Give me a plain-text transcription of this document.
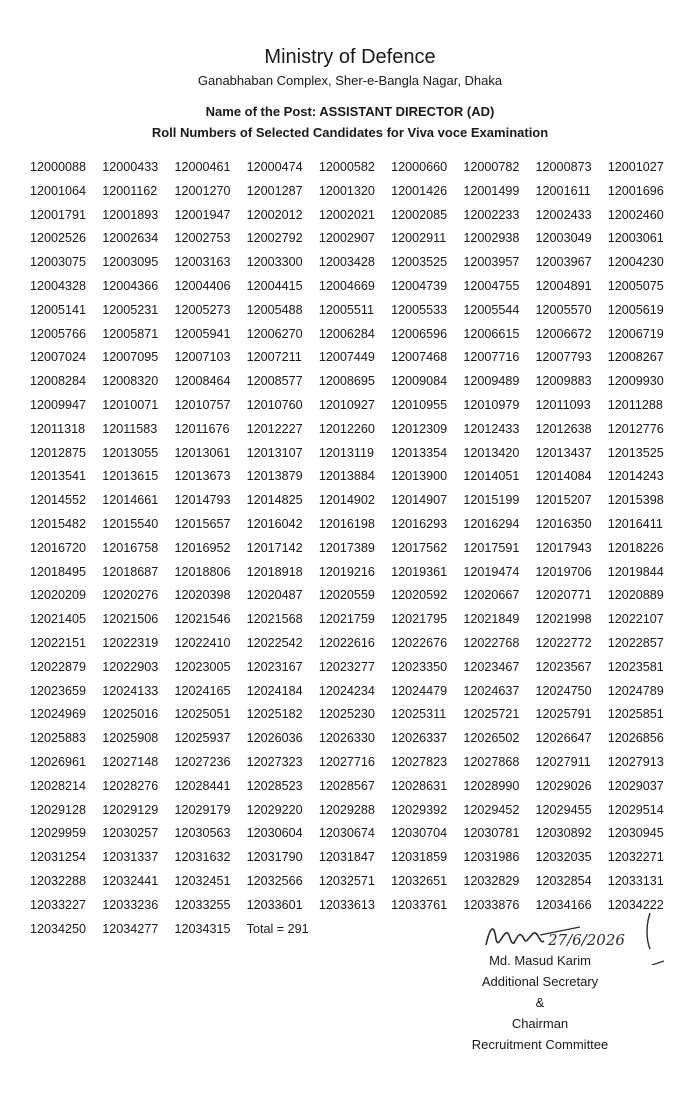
Ministry of Defence

Ganabhaban Complex, Sher-e-Bangla Nagar, Dhaka

Name of the Post: ASSISTANT DIRECTOR (AD)

Roll Numbers of Selected Candidates for Viva voce Examination

12000088	12000433	12000461	12000474	12000582	12000660	12000782	12000873	12001027
12001064	12001162	12001270	12001287	12001320	12001426	12001499	12001611	12001696
12001791	12001893	12001947	12002012	12002021	12002085	12002233	12002433	12002460
12002526	12002634	12002753	12002792	12002907	12002911	12002938	12003049	12003061
12003075	12003095	12003163	12003300	12003428	12003525	12003957	12003967	12004230
12004328	12004366	12004406	12004415	12004669	12004739	12004755	12004891	12005075
12005141	12005231	12005273	12005488	12005511	12005533	12005544	12005570	12005619
12005766	12005871	12005941	12006270	12006284	12006596	12006615	12006672	12006719
12007024	12007095	12007103	12007211	12007449	12007468	12007716	12007793	12008267
12008284	12008320	12008464	12008577	12008695	12009084	12009489	12009883	12009930
12009947	12010071	12010757	12010760	12010927	12010955	12010979	12011093	12011288
12011318	12011583	12011676	12012227	12012260	12012309	12012433	12012638	12012776
12012875	12013055	12013061	12013107	12013119	12013354	12013420	12013437	12013525
12013541	12013615	12013673	12013879	12013884	12013900	12014051	12014084	12014243
12014552	12014661	12014793	12014825	12014902	12014907	12015199	12015207	12015398
12015482	12015540	12015657	12016042	12016198	12016293	12016294	12016350	12016411
12016720	12016758	12016952	12017142	12017389	12017562	12017591	12017943	12018226
12018495	12018687	12018806	12018918	12019216	12019361	12019474	12019706	12019844
12020209	12020276	12020398	12020487	12020559	12020592	12020667	12020771	12020889
12021405	12021506	12021546	12021568	12021759	12021795	12021849	12021998	12022107
12022151	12022319	12022410	12022542	12022616	12022676	12022768	12022772	12022857
12022879	12022903	12023005	12023167	12023277	12023350	12023467	12023567	12023581
12023659	12024133	12024165	12024184	12024234	12024479	12024637	12024750	12024789
12024969	12025016	12025051	12025182	12025230	12025311	12025721	12025791	12025851
12025883	12025908	12025937	12026036	12026330	12026337	12026502	12026647	12026856
12026961	12027148	12027236	12027323	12027716	12027823	12027868	12027911	12027913
12028214	12028276	12028441	12028523	12028567	12028631	12028990	12029026	12029037
12029128	12029129	12029179	12029220	12029288	12029392	12029452	12029455	12029514
12029959	12030257	12030563	12030604	12030674	12030704	12030781	12030892	12030945
12031254	12031337	12031632	12031790	12031847	12031859	12031986	12032035	12032271
12032288	12032441	12032451	12032566	12032571	12032651	12032829	12032854	12033131
12033227	12033236	12033255	12033601	12033613	12033761	12033876	12034166	12034222
12034250	12034277	12034315	Total = 291
27/6/2026
Md. Masud Karim
Additional Secretary
&
Chairman
Recruitment Committee
